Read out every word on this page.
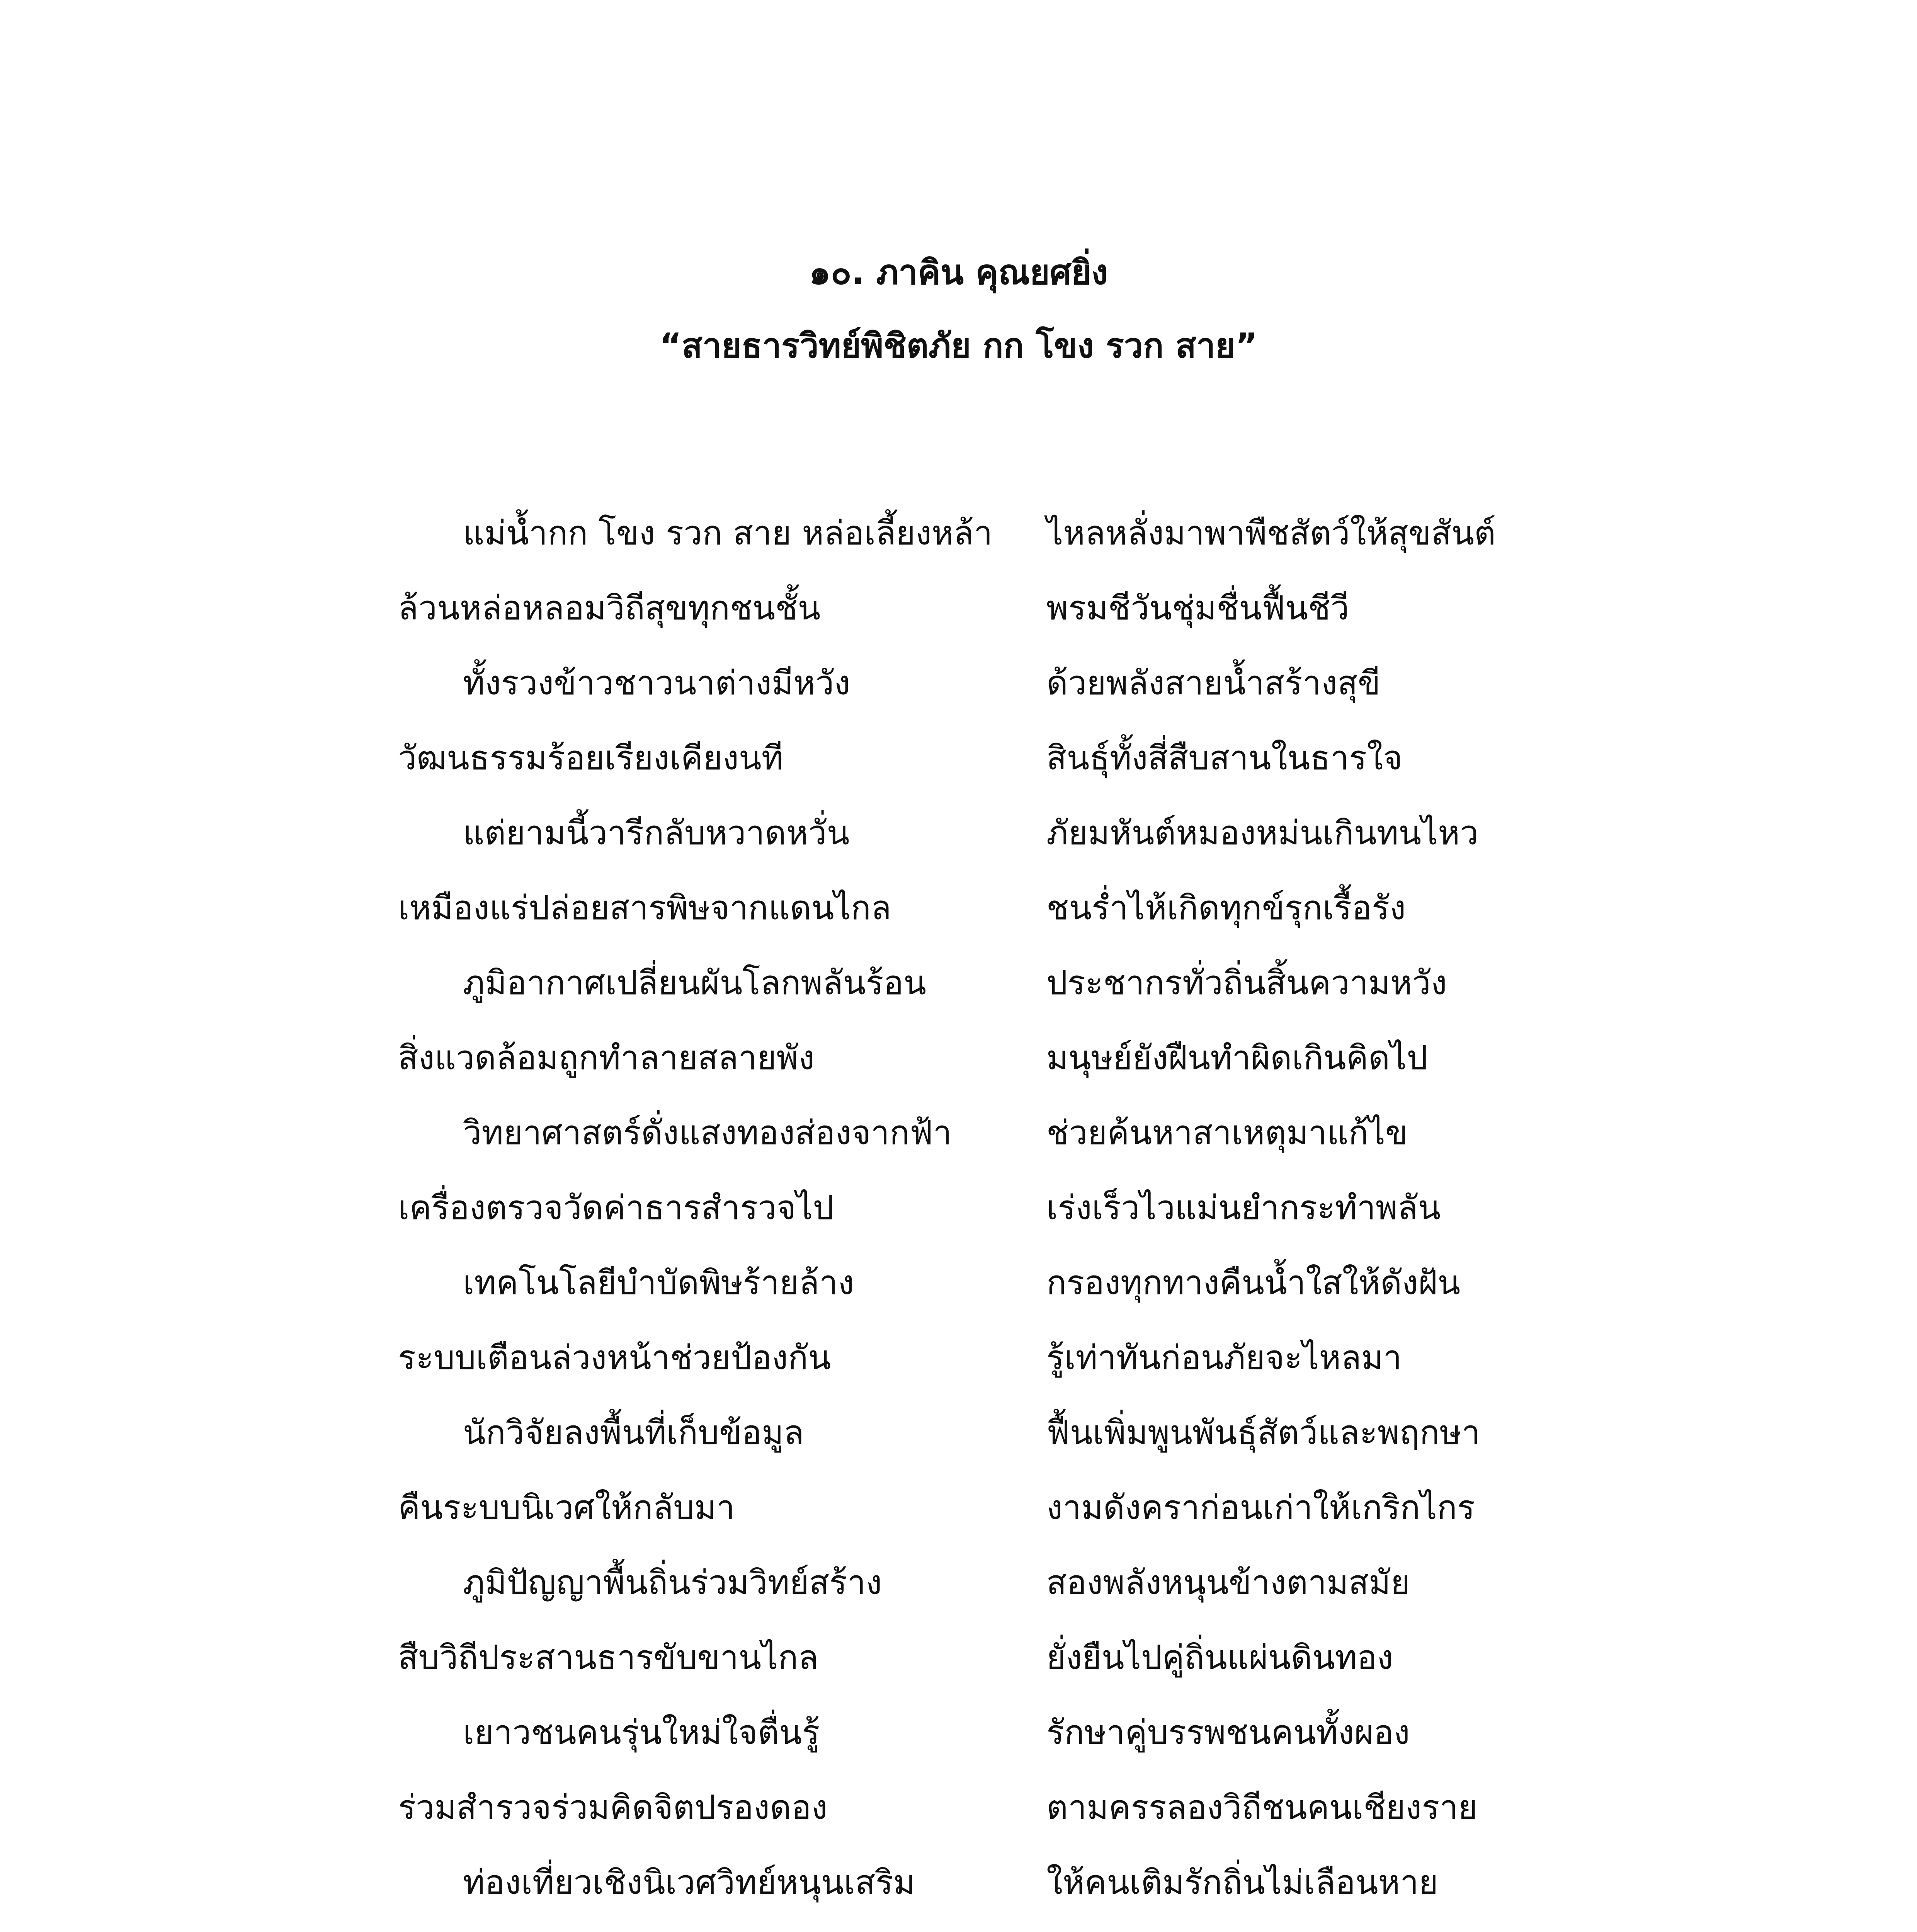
๑๐. ภาคิน คุณยศยิ่ง
“สายธารวิทย์พิชิตภัย กก โขง รวก สาย”
แม่น้ำกก โขง รวก สาย หล่อเลี้ยงหล้า ไหลหลั่งมาพาพืชสัตว์ให้สุขสันต์
ล้วนหล่อหลอมวิถีสุขทุกชนชั้น	พรมชีวันชุ่มชื่นฟื้นชีวี
ทั้งรวงข้าวชาวนาต่างมีหวัง	ด้วยพลังสายน้ำสร้างสุขี
วัฒนธรรมร้อยเรียงเคียงนที	สินธุ์ทั้งสี่สืบสานในธารใจ
แต่ยามนี้วารีกลับหวาดหวั่น	ภัยมหันต์หมองหม่นเกินทนไหว
เหมืองแร่ปล่อยสารพิษจากแดนไกล	ชนร่ำไห้เกิดทุกข์รุกเรื้อรัง
ภูมิอากาศเปลี่ยนผันโลกพลันร้อน	ประชากรทั่วถิ่นสิ้นความหวัง
สิ่งแวดล้อมถูกทำลายสลายพัง	มนุษย์ยังฝืนทำผิดเกินคิดไป
วิทยาศาสตร์ดั่งแสงทองส่องจากฟ้า	ช่วยค้นหาสาเหตุมาแก้ไข
เครื่องตรวจวัดค่าธารสำรวจไป	เร่งเร็วไวแม่นยำกระทำพลัน
เทคโนโลยีบำบัดพิษร้ายล้าง	กรองทุกทางคืนน้ำใสให้ดังฝัน
ระบบเตือนล่วงหน้าช่วยป้องกัน	รู้เท่าทันก่อนภัยจะไหลมา
นักวิจัยลงพื้นที่เก็บข้อมูล	ฟื้นเพิ่มพูนพันธุ์สัตว์และพฤกษา
คืนระบบนิเวศให้กลับมา	งามดังคราก่อนเก่าให้เกริกไกร
ภูมิปัญญาพื้นถิ่นร่วมวิทย์สร้าง	สองพลังหนุนข้างตามสมัย
สืบวิถีประสานธารขับขานไกล	ยั่งยืนไปคู่ถิ่นแผ่นดินทอง
เยาวชนคนรุ่นใหม่ใจตื่นรู้	รักษาคู่บรรพชนคนทั้งผอง
ร่วมสำรวจร่วมคิดจิตปรองดอง	ตามครรลองวิถีชนคนเชียงราย
ท่องเที่ยวเชิงนิเวศวิทย์หนุนเสริม	ให้คนเติมรักถิ่นไม่เลือนหาย
